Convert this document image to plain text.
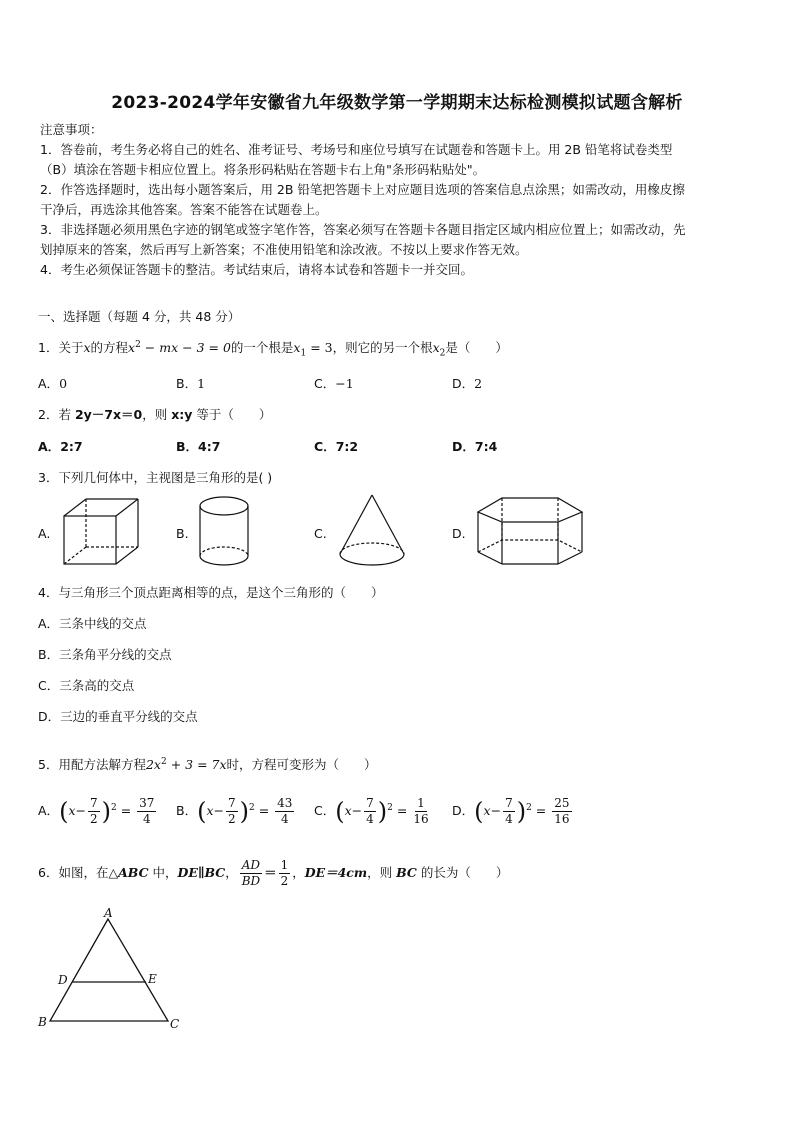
2023-2024学年安徽省九年级数学第一学期期末达标检测模拟试题含解析
注意事项：
1．答卷前，考生务必将自己的姓名、准考证号、考场号和座位号填写在试题卷和答题卡上。用 2B 铅笔将试卷类型
（B）填涂在答题卡相应位置上。将条形码粘贴在答题卡右上角"条形码粘贴处"。
2．作答选择题时，选出每小题答案后，用 2B 铅笔把答题卡上对应题目选项的答案信息点涂黑；如需改动，用橡皮擦
干净后，再选涂其他答案。答案不能答在试题卷上。
3．非选择题必须用黑色字迹的钢笔或签字笔作答，答案必须写在答题卡各题目指定区域内相应位置上；如需改动，先
划掉原来的答案，然后再写上新答案；不准使用铅笔和涂改液。不按以上要求作答无效。
4．考生必须保证答题卡的整洁。考试结束后，请将本试卷和答题卡一并交回。
一、选择题（每题 4 分，共 48 分）
1．关于x的方程$x^2$ − mx − 3 = 0的一个根是$x_1 = 3$，则它的另一个根$x_2$是（　　）
A．0	B．1	C．−1	D．2
2．若 2y－7x＝0，则 x:y 等于（　　）
A．2:7	B．4:7	C．7:2	D．7:4
3．下列几何体中，主视图是三角形的是( )
A.	B.	C.	D.
4．与三角形三个顶点距离相等的点，是这个三角形的（　　）
A．三条中线的交点
B．三条角平分线的交点
C．三条高的交点
D．三边的垂直平分线的交点
5．用配方法解方程$2x^2 + 3 = 7x$时，方程可变形为（　　）
A．$(x- \frac{7}{2} )^2 = \frac{37}{4}$ B．$(x- \frac{7}{2} )^2 = \frac{43}{4}$ C．$(x- \frac{7}{4} )^2 = \frac{1}{16}$ D．$(x- \frac{7}{4} )^2 = \frac{25}{16}$
6．如图，在△ABC 中，DE∥BC， $\frac{AD}{BD} = \frac{1}{2}$ ，DE＝4cm，则 BC 的长为（　　）
A
D	E
B	C
